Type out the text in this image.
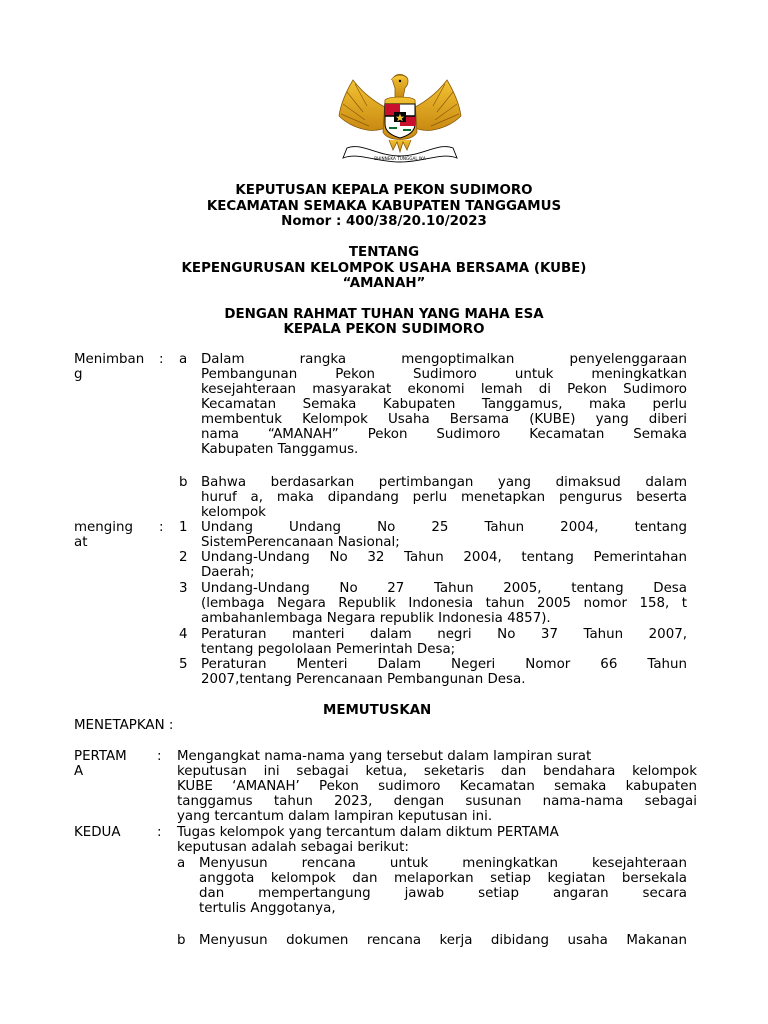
BHINNEKA TUNGGAL IKA
KEPUTUSAN KEPALA PEKON SUDIMORO
KECAMATAN SEMAKA KABUPATEN TANGGAMUS
Nomor : 400/38/20.10/2023
TENTANG
KEPENGURUSAN KELOMPOK USAHA BERSAMA (KUBE)
“AMANAH”
DENGAN RAHMAT TUHAN YANG MAHA ESA
KEPALA PEKON SUDIMORO
Menimban
g
: a Dalam rangka mengoptimalkan penyelenggaraan
Pembangunan Pekon Sudimoro untuk meningkatkan
kesejahteraan masyarakat ekonomi lemah di Pekon Sudimoro
Kecamatan Semaka Kabupaten Tanggamus, maka perlu
membentuk Kelompok Usaha Bersama (KUBE) yang diberi
nama “AMANAH” Pekon Sudimoro Kecamatan Semaka
Kabupaten Tanggamus.
b Bahwa berdasarkan pertimbangan yang dimaksud dalam
huruf a, maka dipandang perlu menetapkan pengurus beserta
kelompok
menging
at
: 1 Undang Undang No 25 Tahun 2004, tentang
SistemPerencanaan Nasional;
2 Undang-Undang No 32 Tahun 2004, tentang Pemerintahan
Daerah;
3 Undang-Undang No 27 Tahun 2005, tentang Desa
(lembaga Negara Republik Indonesia tahun 2005 nomor 158, t
ambahanlembaga Negara republik Indonesia 4857).
4 Peraturan manteri dalam negri No 37 Tahun 2007,
tentang pegololaan Pemerintah Desa;
5 Peraturan Menteri Dalam Negeri Nomor 66 Tahun
2007,tentang Perencanaan Pembangunan Desa.
MEMUTUSKAN
MENETAPKAN :
PERTAM
A
: Mengangkat nama-nama yang tersebut dalam lampiran surat
keputusan ini sebagai ketua, seketaris dan bendahara kelompok
KUBE ‘AMANAH’ Pekon sudimoro Kecamatan semaka kabupaten
tanggamus tahun 2023, dengan susunan nama-nama sebagai
yang tercantum dalam lampiran keputusan ini.
KEDUA	: Tugas kelompok yang tercantum dalam diktum PERTAMA
keputusan adalah sebagai berikut:
a Menyusun rencana untuk meningkatkan kesejahteraan
anggota kelompok dan melaporkan setiap kegiatan bersekala
dan mempertangung jawab setiap angaran secara
tertulis Anggotanya,
b Menyusun dokumen rencana kerja dibidang usaha Makanan
